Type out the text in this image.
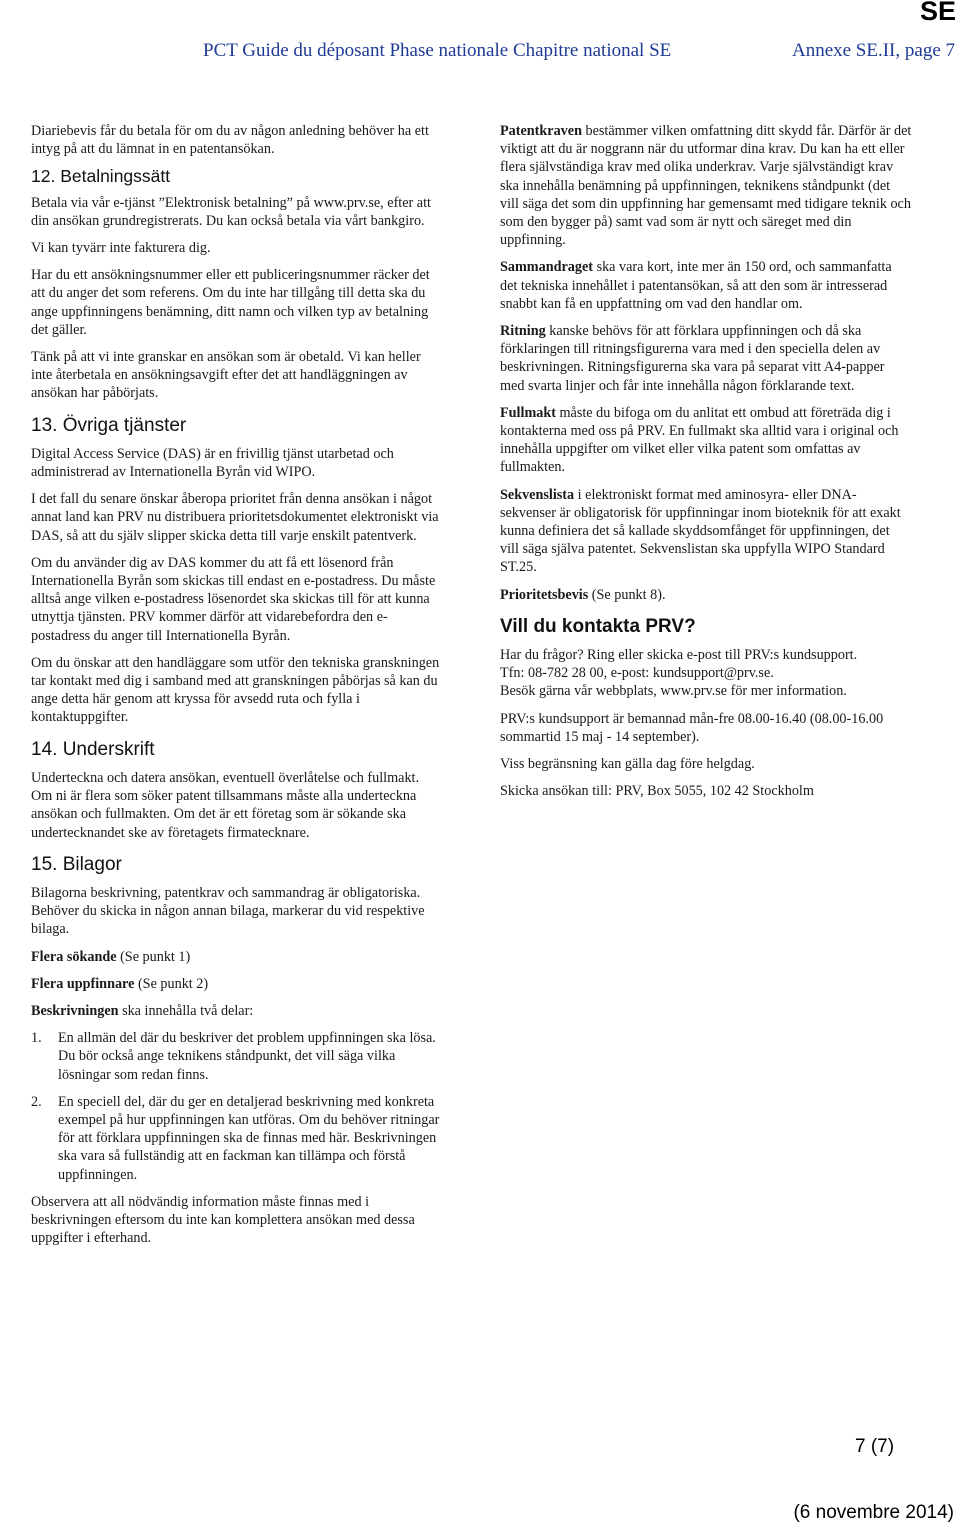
SE
PCT Guide du déposant Phase nationale Chapitre national SE	Annexe SE.II, page 7

Diariebevis får du betala för om du av någon anledning behöver ha ett intyg på att du lämnat in en patentansökan.

12. Betalningssätt

Betala via vår e-tjänst ”Elektronisk betalning” på www.prv.se, efter att din ansökan grundregistrerats. Du kan också betala via vårt bankgiro.

Vi kan tyvärr inte fakturera dig.

Har du ett ansökningsnummer eller ett publiceringsnummer räcker det att du anger det som referens. Om du inte har tillgång till detta ska du ange uppfinningens benämning, ditt namn och vilken typ av betalning det gäller.

Tänk på att vi inte granskar en ansökan som är obetald. Vi kan heller inte återbetala en ansökningsavgift efter det att handläggningen av ansökan har påbörjats.

13. Övriga tjänster

Digital Access Service (DAS) är en frivillig tjänst utarbetad och administrerad av Internationella Byrån vid WIPO.

I det fall du senare önskar åberopa prioritet från denna ansökan i något annat land kan PRV nu distribuera prioritetsdokumentet elektroniskt via DAS, så att du själv slipper skicka detta till varje enskilt patentverk.

Om du använder dig av DAS kommer du att få ett lösenord från Internationella Byrån som skickas till endast en e-postadress. Du måste alltså ange vilken e-postadress lösenordet ska skickas till för att kunna utnyttja tjänsten. PRV kommer därför att vidarebefordra den e-postadress du anger till Internationella Byrån.

Om du önskar att den handläggare som utför den tekniska granskningen tar kontakt med dig i samband med att granskningen påbörjas så kan du ange detta här genom att kryssa för avsedd ruta och fylla i kontaktuppgifter.

14. Underskrift

Underteckna och datera ansökan, eventuell överlåtelse och fullmakt. Om ni är flera som söker patent tillsammans måste alla underteckna ansökan och fullmakten. Om det är ett företag som är sökande ska undertecknandet ske av företagets firmatecknare.

15. Bilagor

Bilagorna beskrivning, patentkrav och sammandrag är obligatoriska. Behöver du skicka in någon annan bilaga, markerar du vid respektive bilaga.

Flera sökande (Se punkt 1)

Flera uppfinnare (Se punkt 2)

Beskrivningen ska innehålla två delar:

1. En allmän del där du beskriver det problem uppfinningen ska lösa. Du bör också ange teknikens ståndpunkt, det vill säga vilka lösningar som redan finns.
2. En speciell del, där du ger en detaljerad beskrivning med konkreta exempel på hur uppfinningen kan utföras. Om du behöver ritningar för att förklara uppfinningen ska de finnas med här. Beskrivningen ska vara så fullständig att en fackman kan tillämpa och förstå uppfinningen.

Observera att all nödvändig information måste finnas med i beskrivningen eftersom du inte kan komplettera ansökan med dessa uppgifter i efterhand.

Patentkraven bestämmer vilken omfattning ditt skydd får. Därför är det viktigt att du är noggrann när du utformar dina krav. Du kan ha ett eller flera självständiga krav med olika underkrav. Varje självständigt krav ska innehålla benämning på uppfinningen, teknikens ståndpunkt (det vill säga det som din uppfinning har gemensamt med tidigare teknik och som den bygger på) samt vad som är nytt och säreget med din uppfinning.

Sammandraget ska vara kort, inte mer än 150 ord, och sammanfatta det tekniska innehållet i patentansökan, så att den som är intresserad snabbt kan få en uppfattning om vad den handlar om.

Ritning kanske behövs för att förklara uppfinningen och då ska förklaringen till ritningsfigurerna vara med i den speciella delen av beskrivningen. Ritningsfigurerna ska vara på separat vitt A4-papper med svarta linjer och får inte innehålla någon förklarande text.

Fullmakt måste du bifoga om du anlitat ett ombud att företräda dig i kontakterna med oss på PRV. En fullmakt ska alltid vara i original och innehålla uppgifter om vilket eller vilka patent som omfattas av fullmakten.

Sekvenslista i elektroniskt format med aminosyra- eller DNA-sekvenser är obligatorisk för uppfinningar inom bioteknik för att exakt kunna definiera det så kallade skyddsomfånget för uppfinningen, det vill säga själva patentet. Sekvenslistan ska uppfylla WIPO Standard ST.25.

Prioritetsbevis (Se punkt 8).

Vill du kontakta PRV?

Har du frågor? Ring eller skicka e-post till PRV:s kundsupport.
Tfn: 08-782 28 00, e-post: kundsupport@prv.se.
Besök gärna vår webbplats, www.prv.se för mer information.

PRV:s kundsupport är bemannad mån-fre 08.00-16.40 (08.00-16.00 sommartid 15 maj - 14 september).

Viss begränsning kan gälla dag före helgdag.

Skicka ansökan till: PRV, Box 5055, 102 42 Stockholm

7 (7)
(6 novembre 2014)
